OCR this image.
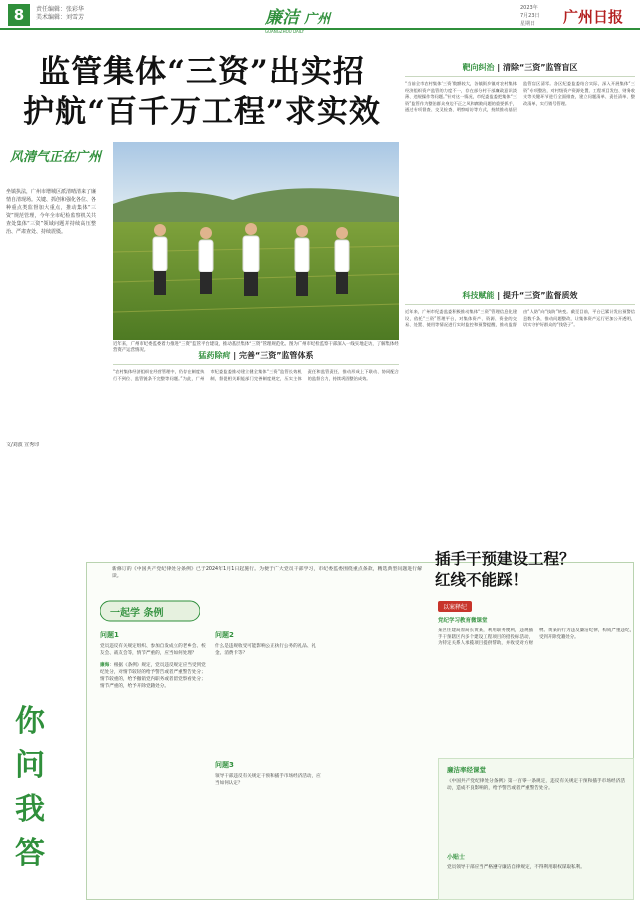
8	责任编辑：张彩华
美术编辑：刘雪芳	廉洁 广州
GUANGZHOU DAILY
2023年
7月23日
星期日	广州日报
监管集体“三资”出实招
护航“百千万工程”求实效
风清气正在广州
坐镇执法，广州市增城区派清晴清来了廉情自清现场。关键、抓创和强化各位、各种重点类监督加大重点，推动集体“三资”规范管理，今年全市纪检监察机关共查处集体“三资”领域问题并持续高压整治、严肃查处、持续震慑。
文/刘波 宣秀印
近年来，广州市纪委监委着力推进“三资”监管平台建设，推动基层集体“三资”管理规范化。图为广州市纪检监察干部深入一线实地走访，了解集体经营资产运营情况。
靶向纠治 | 清除“三资”监管盲区
“当前全市农村集体‘三资’数额较大，各镇街乡镇对农村集体经济组织资产监管的力度不一，存在部分村干部廉政意识淡薄、违规操作等问题。”针对这一情况，市纪委监委把集体“三资”监管作为整治群众身边不正之风和腐败问题的重要抓手，通过专项督查、交叉检查、明察暗访等方式，持续推动基层监管盲区清零。各区纪委监委结合实际，深入开展集体“三资”专项整治，对村级资产资源处置、工程项目发包、财务收支等关键环节进行全面排查，建立问题清单、责任清单、整改清单，实行销号管理。
科技赋能 | 提升“三资”监督质效
近年来，广州市纪委监委积极推动集体“三资”管理信息化建设，依托“三资”管理平台，对集体资产、资源、资金的交易、处置、使用等情况进行实时监控和预警提醒，推动监督由“人防”向“技防”转变。截至目前，平台已累计发出预警信息数千条，推动问题整改，让集体资产运行更加公开透明，切实守护好群众的“钱袋子”。
猛药除疴 | 完善“三资”监管体系
“农村集体经济组织在经营管理中，仍存在制度执行不到位、监管链条不完整等问题。”为此，广州市纪委监委推动建立健全集体“三资”监管长效机制，督促相关职能部门完善制度规定，压实主体责任和监管责任，推动形成上下联动、协同配合的监督合力，持续巩固整治成效。
新修订的《中国共产党纪律处分条例》已于2024年1月1日起施行。为便于广大党员干部学习，市纪委监委围绕重点条款，精选典型问题进行解读。
一起学 条例
你问我答
问题1
党员违反有关规定组织、参加自发成立的老乡会、校友会、战友会等，情节严重的，应当如何处理？
廉海：根据《条例》规定，党员违反规定应当受到党纪处分，对情节较轻的给予警告或者严重警告处分；情节较重的，给予撤销党内职务或者留党察看处分；情节严重的，给予开除党籍处分。
问题2
什么是违规收受可能影响公正执行公务的礼品、礼金、消费卡等？
问题3
领导干部违反有关规定干预和插手市场经济活动，应当如何认定？
插手干预建设工程？
红线不能踩！
以案释纪
党纪学习教育微课堂
某区住建局原局长黄某，利用职务便利，违规插手干预辖区内多个建设工程项目的招投标活动，为特定关系人承揽项目提供帮助，并收受对方财物。黄某的行为违反廉洁纪律，构成严重违纪，受到开除党籍处分。
廉洁率经课堂
《中国共产党纪律处分条例》第一百零一条规定，违反有关规定干预和插手市场经济活动，造成不良影响的，给予警告或者严重警告处分。
小贴士
党员领导干部应当严格遵守廉洁自律规定，不得利用职权谋取私利。
